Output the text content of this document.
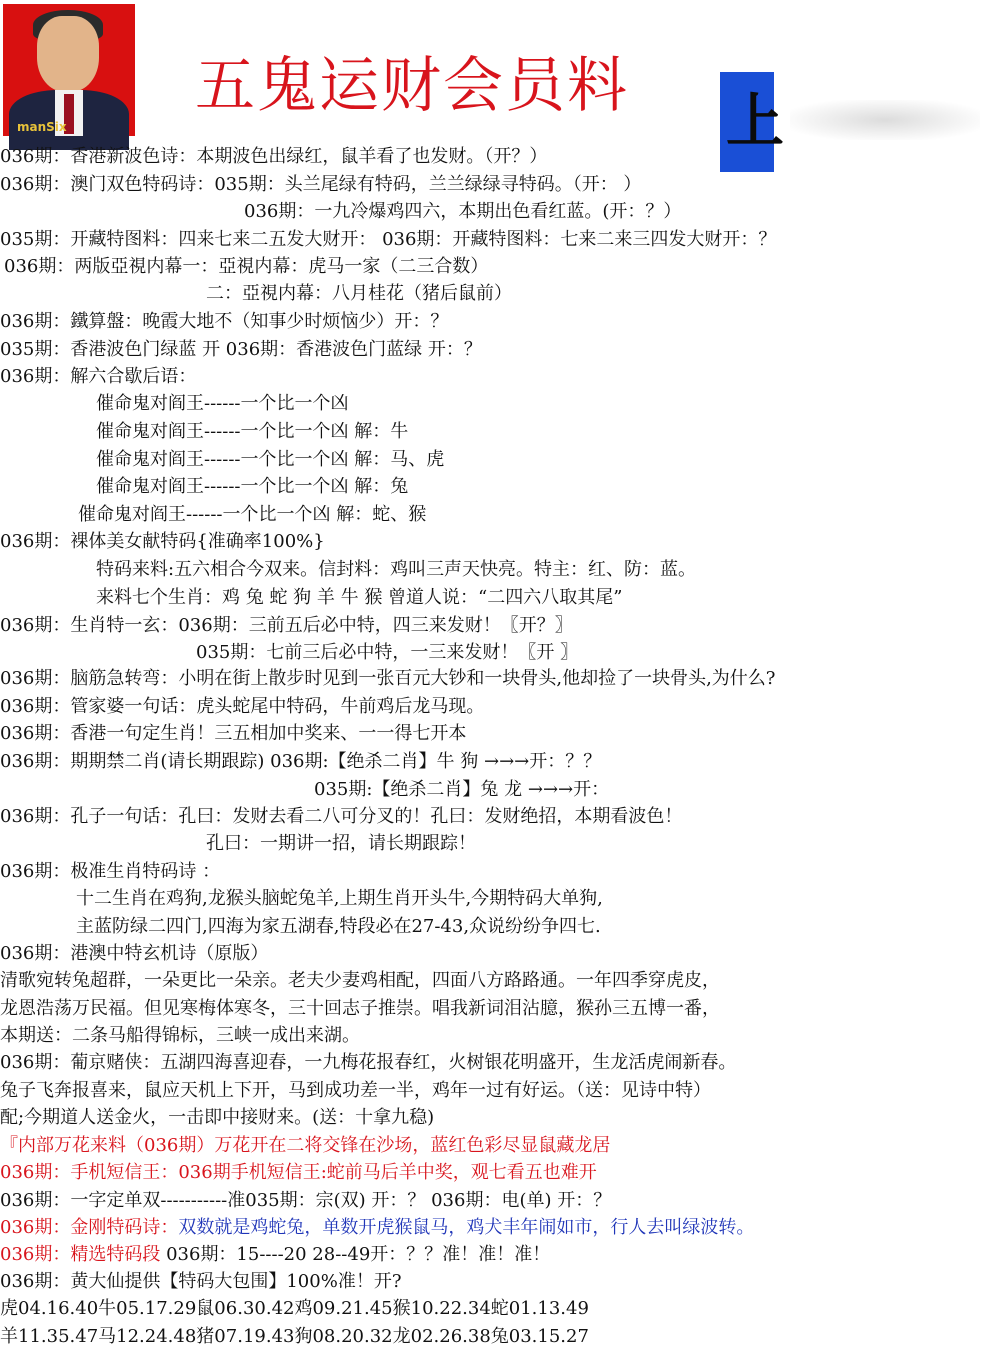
manSix
五鬼运财会员料 上
036期：香港新波色诗：本期波色出绿红，鼠羊看了也发财。（开？）
036期：澳门双色特码诗：035期：头兰尾绿有特码，兰兰绿绿寻特码。（开： ）
036期：一九冷爆鸡四六，本期出色看红蓝。(开：？）
035期：开藏特图料：四来七来二五发大财开： 036期：开藏特图料：七来二来三四发大财开：？
036期：两版亞視内幕一：亞視内幕：虎马一家（二三合数）
二：亞視内幕：八月桂花（猪后鼠前）
036期：鐵算盤：晚霞大地不（知事少时烦恼少）开：？
035期：香港波色门绿蓝 开 036期：香港波色门蓝绿 开：？
036期：解六合歇后语：
催命鬼对阎王------一个比一个凶
催命鬼对阎王------一个比一个凶 解：牛
催命鬼对阎王------一个比一个凶 解：马、虎
催命鬼对阎王------一个比一个凶 解：兔
催命鬼对阎王------一个比一个凶 解：蛇、猴
036期：裸体美女献特码{准确率100%}
特码来料:五六相合今双来。信封料：鸡叫三声天快亮。特主：红、防：蓝。
来料七个生肖：鸡 兔 蛇 狗 羊 牛 猴 曾道人说：“二四六八取其尾”
036期：生肖特一玄：036期：三前五后必中特，四三来发财！〖开？〗
035期：七前三后必中特，一三来发财！〖开 〗
036期：脑筋急转弯：小明在街上散步时见到一张百元大钞和一块骨头,他却捡了一块骨头,为什么?
036期：管家婆一句话：虎头蛇尾中特码，牛前鸡后龙马现。
036期：香港一句定生肖！三五相加中奖来、一一得七开本
036期：期期禁二肖(请长期跟踪) 036期:【绝杀二肖】牛 狗 →→→开：？？
035期:【绝杀二肖】兔 龙 →→→开：
036期：孔子一句话：孔曰：发财去看二八可分叉的！孔曰：发财绝招，本期看波色！
孔曰：一期讲一招，请长期跟踪！
036期：极准生肖特码诗 ：
十二生肖在鸡狗,龙猴头脑蛇兔羊,上期生肖开头牛,今期特码大单狗,
主蓝防绿二四门,四海为家五湖春,特段必在27-43,众说纷纷争四七.
036期：港澳中特玄机诗（原版）
清歌宛转兔超群，一朵更比一朵亲。老夫少妻鸡相配，四面八方路路通。一年四季穿虎皮，
龙恩浩荡万民福。但见寒梅体寒冬，三十回志子推崇。唱我新词泪沾臆，猴孙三五博一番，
本期送：二条马船得锦标，三峡一成出来湖。
036期：葡京赌侠：五湖四海喜迎春，一九梅花报春红，火树银花明盛开，生龙活虎闹新春。
兔子飞奔报喜来，鼠应天机上下开，马到成功差一半，鸡年一过有好运。（送：见诗中特）
配;今期道人送金火，一击即中接财来。(送：十拿九稳)
『内部万花来料（036期）万花开在二将交锋在沙场，蓝红色彩尽显鼠藏龙居
036期：手机短信王：036期手机短信王:蛇前马后羊中奖，观七看五也难开
036期：一字定单双-----------准035期：宗(双) 开：？ 036期：电(单) 开：？
036期：金刚特码诗：双数就是鸡蛇兔，单数开虎猴鼠马，鸡犬丰年闹如市，行人去叫绿波转。
036期：精选特码段 036期：15----20 28--49开：？？准！准！准！
036期：黄大仙提供【特码大包围】100%准！开?
虎04.16.40牛05.17.29鼠06.30.42鸡09.21.45猴10.22.34蛇01.13.49
羊11.35.47马12.24.48猪07.19.43狗08.20.32龙02.26.38兔03.15.27
